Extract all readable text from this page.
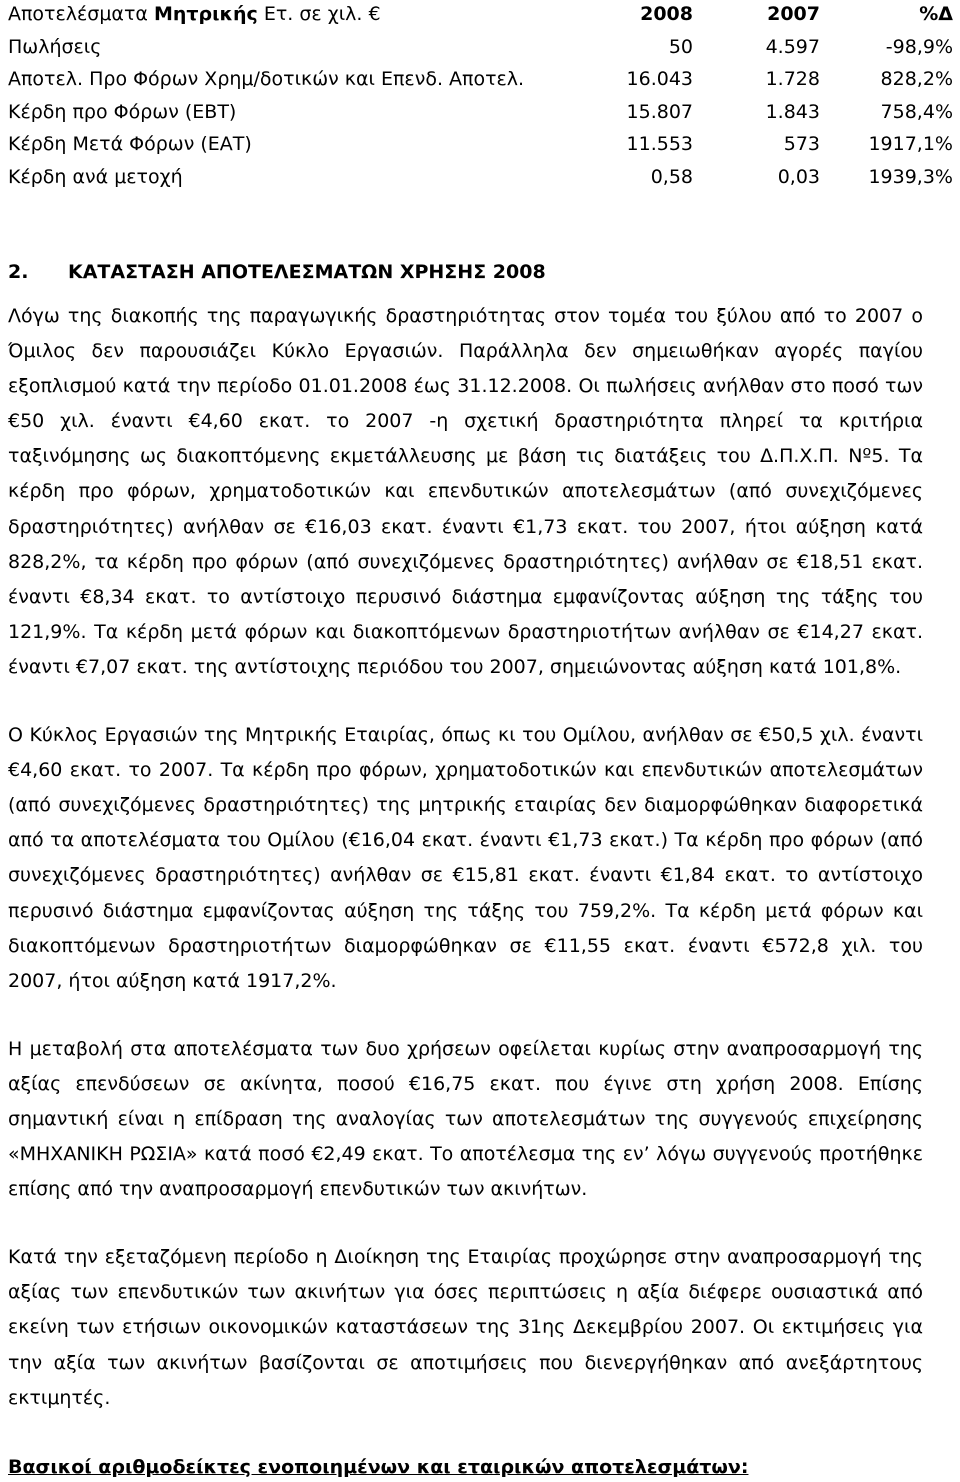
Αποτελέσματα Μητρικής Ετ. σε χιλ. €	2008	2007	%Δ
Πωλήσεις	50	4.597	-98,9%
Αποτελ. Προ Φόρων Χρημ/δοτικών και Επενδ. Αποτελ.	16.043	1.728	828,2%
Κέρδη προ Φόρων (ΕΒΤ)	15.807	1.843	758,4%
Κέρδη Μετά Φόρων (ΕΑΤ)	11.553	573	1917,1%
Κέρδη ανά μετοχή	0,58	0,03	1939,3%
2. ΚΑΤΑΣΤΑΣΗ ΑΠΟΤΕΛΕΣΜΑΤΩΝ ΧΡΗΣΗΣ 2008

Λόγω της διακοπής της παραγωγικής δραστηριότητας στον τομέα του ξύλου από το 2007 ο Όμιλος δεν παρουσιάζει Κύκλο Εργασιών. Παράλληλα δεν σημειωθήκαν αγορές παγίου εξοπλισμού κατά την περίοδο 01.01.2008 έως 31.12.2008. Οι πωλήσεις ανήλθαν στο ποσό των €50 χιλ. έναντι €4,60 εκατ. το 2007 -η σχετική δραστηριότητα πληρεί τα κριτήρια ταξινόμησης ως διακοπτόμενης εκμετάλλευσης με βάση τις διατάξεις του Δ.Π.Χ.Π. Νº5. Τα κέρδη προ φόρων, χρηματοδοτικών και επενδυτικών αποτελεσμάτων (από συνεχιζόμενες δραστηριότητες) ανήλθαν σε €16,03 εκατ. έναντι €1,73 εκατ. του 2007, ήτοι αύξηση κατά 828,2%, τα κέρδη προ φόρων (από συνεχιζόμενες δραστηριότητες) ανήλθαν σε €18,51 εκατ. έναντι €8,34 εκατ. το αντίστοιχο περυσινό διάστημα εμφανίζοντας αύξηση της τάξης του 121,9%. Τα κέρδη μετά φόρων και διακοπτόμενων δραστηριοτήτων ανήλθαν σε €14,27 εκατ. έναντι €7,07 εκατ. της αντίστοιχης περιόδου του 2007, σημειώνοντας αύξηση κατά 101,8%.

Ο Κύκλος Εργασιών της Μητρικής Εταιρίας, όπως κι του Ομίλου, ανήλθαν σε €50,5 χιλ. έναντι €4,60 εκατ. το 2007. Τα κέρδη προ φόρων, χρηματοδοτικών και επενδυτικών αποτελεσμάτων (από συνεχιζόμενες δραστηριότητες) της μητρικής εταιρίας δεν διαμορφώθηκαν διαφορετικά από τα αποτελέσματα του Ομίλου (€16,04 εκατ. έναντι €1,73 εκατ.) Τα κέρδη προ φόρων (από συνεχιζόμενες δραστηριότητες) ανήλθαν σε €15,81 εκατ. έναντι €1,84 εκατ. το αντίστοιχο περυσινό διάστημα εμφανίζοντας αύξηση της τάξης του 759,2%. Τα κέρδη μετά φόρων και διακοπτόμενων δραστηριοτήτων διαμορφώθηκαν σε €11,55 εκατ. έναντι €572,8 χιλ. του 2007, ήτοι αύξηση κατά 1917,2%.

Η μεταβολή στα αποτελέσματα των δυο χρήσεων οφείλεται κυρίως στην αναπροσαρμογή της αξίας επενδύσεων σε ακίνητα, ποσού €16,75 εκατ. που έγινε στη χρήση 2008. Επίσης σημαντική είναι η επίδραση της αναλογίας των αποτελεσμάτων της συγγενούς επιχείρησης «ΜΗΧΑΝΙΚΗ ΡΩΣΙΑ» κατά ποσό €2,49 εκατ. Το αποτέλεσμα της εν’ λόγω συγγενούς προτήθηκε επίσης από την αναπροσαρμογή επενδυτικών των ακινήτων.

Κατά την εξεταζόμενη περίοδο η Διοίκηση της Εταιρίας προχώρησε στην αναπροσαρμογή της αξίας των επενδυτικών των ακινήτων για όσες περιπτώσεις η αξία διέφερε ουσιαστικά από εκείνη των ετήσιων οικονομικών καταστάσεων της 31ης Δεκεμβρίου 2007. Οι εκτιμήσεις για την αξία των ακινήτων βασίζονται σε αποτιμήσεις που διενεργήθηκαν από ανεξάρτητους εκτιμητές.

Βασικοί αριθμοδείκτες ενοποιημένων και εταιρικών αποτελεσμάτων:
